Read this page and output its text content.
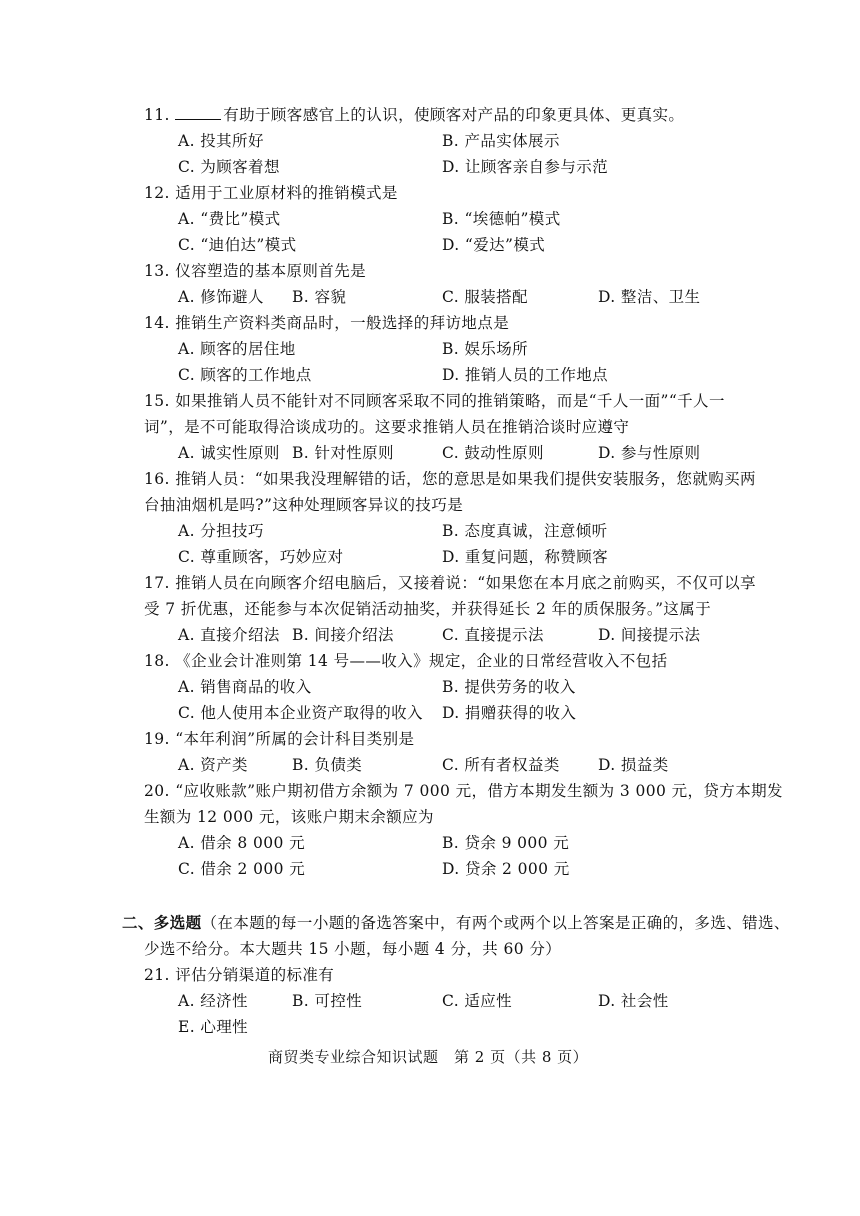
11.	有助于顾客感官上的认识，使顾客对产品的印象更具体、更真实。
A. 投其所好	B. 产品实体展示
C. 为顾客着想	D. 让顾客亲自参与示范
12. 适用于工业原材料的推销模式是
A. “费比”模式	B. “埃德帕”模式
C. “迪伯达”模式	D. “爱达”模式
13. 仪容塑造的基本原则首先是
A. 修饰避人 B. 容貌	C. 服装搭配	D. 整洁、卫生
14. 推销生产资料类商品时，一般选择的拜访地点是
A. 顾客的居住地	B. 娱乐场所
C. 顾客的工作地点	D. 推销人员的工作地点
15. 如果推销人员不能针对不同顾客采取不同的推销策略，而是“千人一面”“千人一
词”，是不可能取得洽谈成功的。这要求推销人员在推销洽谈时应遵守
A. 诚实性原则 B. 针对性原则	C. 鼓动性原则	D. 参与性原则
16. 推销人员：“如果我没理解错的话，您的意思是如果我们提供安装服务，您就购买两
台抽油烟机是吗?”这种处理顾客异议的技巧是
A. 分担技巧	B. 态度真诚，注意倾听
C. 尊重顾客，巧妙应对	D. 重复问题，称赞顾客
17. 推销人员在向顾客介绍电脑后，又接着说：“如果您在本月底之前购买，不仅可以享
受 7 折优惠，还能参与本次促销活动抽奖，并获得延长 2 年的质保服务。”这属于
A. 直接介绍法 B. 间接介绍法	C. 直接提示法	D. 间接提示法
18. 《企业会计准则第 14 号——收入》规定，企业的日常经营收入不包括
A. 销售商品的收入	B. 提供劳务的收入
C. 他人使用本企业资产取得的收入 D. 捐赠获得的收入
19. “本年利润”所属的会计科目类别是
A. 资产类	B. 负债类	C. 所有者权益类 D. 损益类
20. “应收账款”账户期初借方余额为 7 000 元，借方本期发生额为 3 000 元，贷方本期发
生额为 12 000 元，该账户期末余额应为
A. 借余 8 000 元	B. 贷余 9 000 元
C. 借余 2 000 元	D. 贷余 2 000 元
二、多选题（在本题的每一小题的备选答案中，有两个或两个以上答案是正确的，多选、错选、
少选不给分。本大题共 15 小题，每小题 4 分，共 60 分）
21. 评估分销渠道的标准有
A. 经济性	B. 可控性	C. 适应性	D. 社会性
E. 心理性
商贸类专业综合知识试题　第 2 页（共 8 页）
